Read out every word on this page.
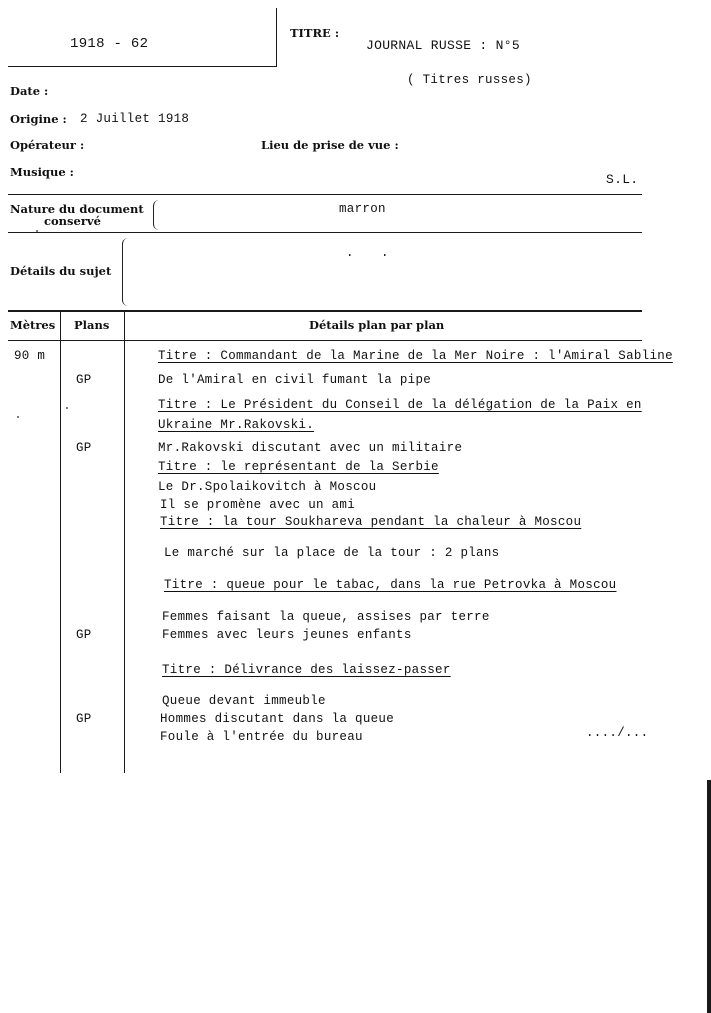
1918 - 62
TITRE :
JOURNAL RUSSE : N°5
( Titres russes)
Date :
Origine : 2 Juillet 1918
Opérateur :	Lieu de prise de vue :
Musique :	S.L.
Nature du document
conservé
marron
Détails du sujet
. .
Mètres Plans	Détails plan par plan
90 m	Titre : Commandant de la Marine de la Mer Noire : l'Amiral Sabline
GP	De l'Amiral en civil fumant la pipe
Titre : Le Président du Conseil de la délégation de la Paix en
Ukraine Mr.Rakovski.
GP	Mr.Rakovski discutant avec un militaire
Titre : le représentant de la Serbie
Le Dr.Spolaikovitch à Moscou
Il se promène avec un ami
Titre : la tour Soukhareva pendant la chaleur à Moscou
Le marché sur la place de la tour : 2 plans
Titre : queue pour le tabac, dans la rue Petrovka à Moscou
Femmes faisant la queue, assises par terre
GP	Femmes avec leurs jeunes enfants
Titre : Délivrance des laissez-passer
Queue devant immeuble
GP	Hommes discutant dans la queue
Foule à l'entrée du bureau	..../...
